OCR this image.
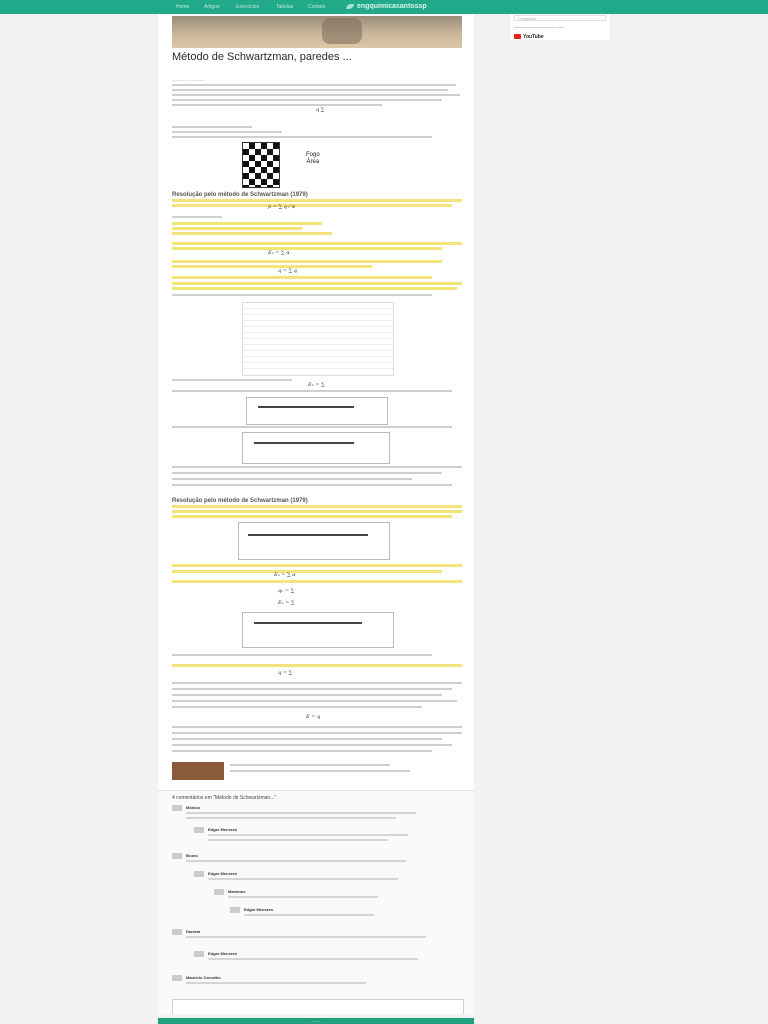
engquimicasantossp
Home	Artigos	Exercícios	Tabelas	Contato
Método de Schwartzman, paredes ...
———— ————
q ∑
Fogo
Área
Resolução pelo método de Schwartzman (1979)
p = ∑ q / α
Eₙ = ∑ α
q = ∑ q
Eₙ = ∑
Resolução pelo método de Schwartzman (1979)
Eₙ = ∑ α
qₙ = ∑
Eₙ = ∑
q = ∑
E = q
4 comentários em "Método de Schwartzman..."
Mônica
Edgar Menezes
Bruno
Edgar Menezes
Marianne
Edgar Menezes
Daniela
Edgar Menezes
Maurício Carvalho
Pesquisar
—————— ———— ——
YouTube
———
